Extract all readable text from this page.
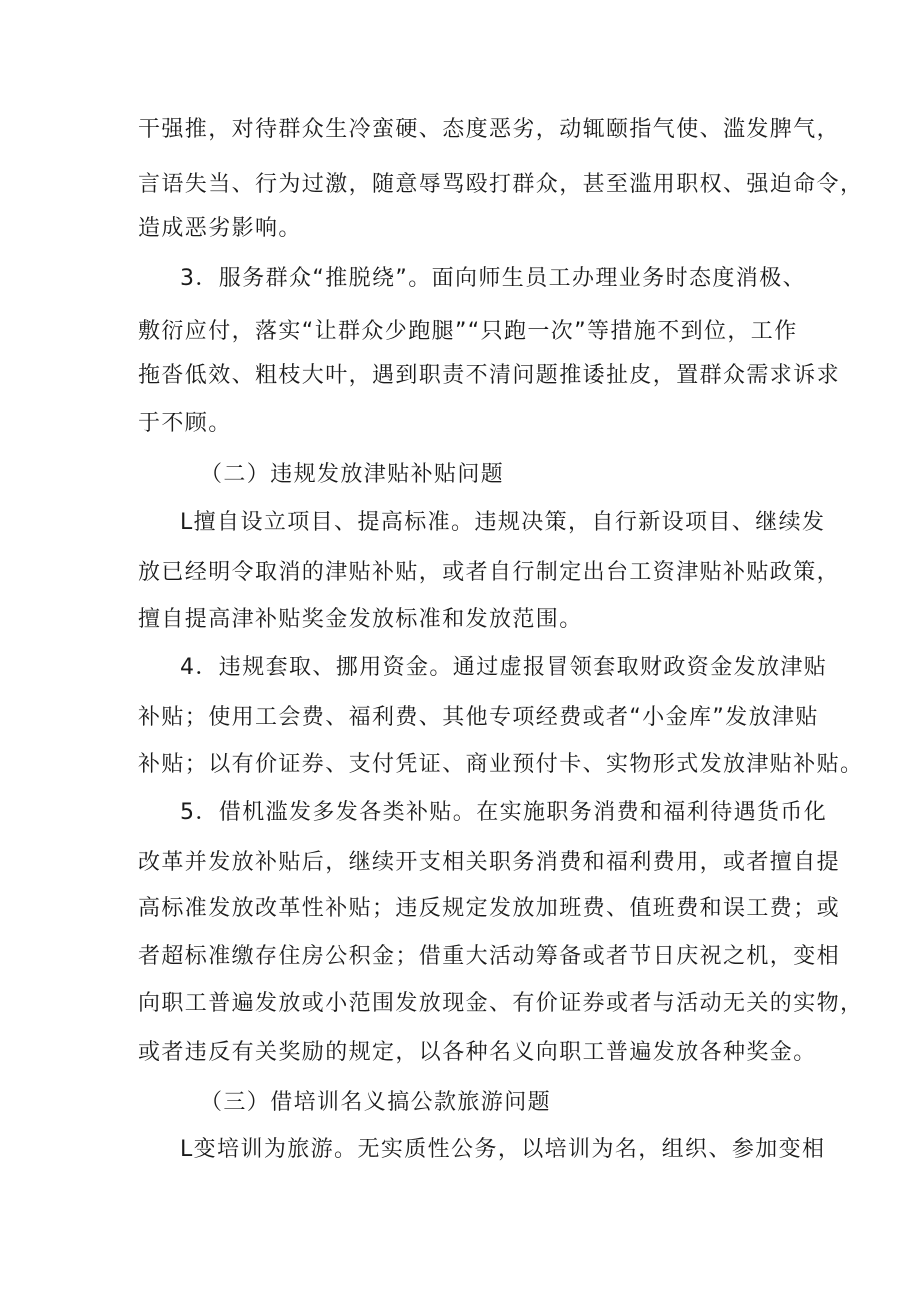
干强推，对待群众生冷蛮硬、态度恶劣，动辄颐指气使、滥发脾气，
言语失当、行为过激，随意辱骂殴打群众，甚至滥用职权、强迫命令，
造成恶劣影响。
3．服务群众“推脱绕”。面向师生员工办理业务时态度消极、
敷衍应付，落实“让群众少跑腿”“只跑一次”等措施不到位，工作
拖沓低效、粗枝大叶，遇到职责不清问题推诿扯皮，置群众需求诉求
于不顾。
（二）违规发放津贴补贴问题
L擅自设立项目、提高标准。违规决策，自行新设项目、继续发
放已经明令取消的津贴补贴，或者自行制定出台工资津贴补贴政策，
擅自提高津补贴奖金发放标准和发放范围。
4．违规套取、挪用资金。通过虚报冒领套取财政资金发放津贴
补贴；使用工会费、福利费、其他专项经费或者“小金库”发放津贴
补贴；以有价证券、支付凭证、商业预付卡、实物形式发放津贴补贴。
5．借机滥发多发各类补贴。在实施职务消费和福利待遇货币化
改革并发放补贴后，继续开支相关职务消费和福利费用，或者擅自提
高标准发放改革性补贴；违反规定发放加班费、值班费和误工费；或
者超标准缴存住房公积金；借重大活动筹备或者节日庆祝之机，变相
向职工普遍发放或小范围发放现金、有价证券或者与活动无关的实物，
或者违反有关奖励的规定，以各种名义向职工普遍发放各种奖金。
（三）借培训名义搞公款旅游问题
L变培训为旅游。无实质性公务，以培训为名，组织、参加变相
